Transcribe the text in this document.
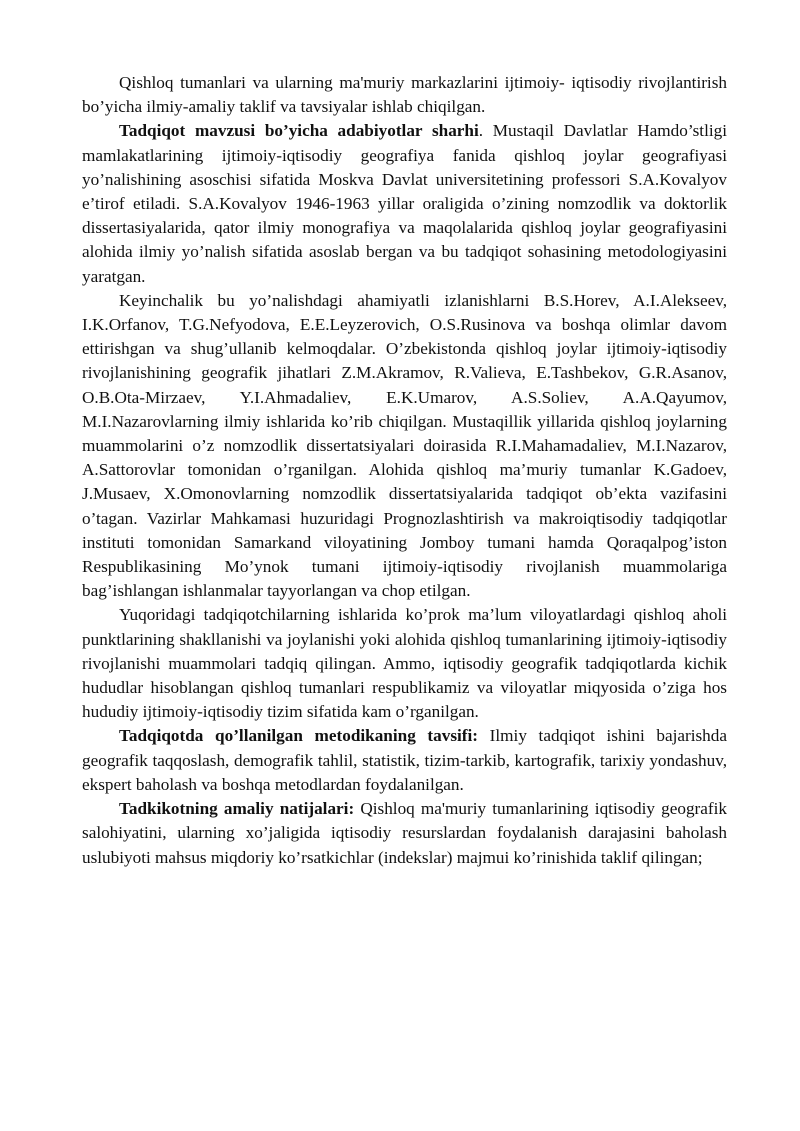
Qishloq tumanlari va ularning ma'muriy markazlarini ijtimoiy- iqtisodiy rivojlantirish bo’yicha ilmiy-amaliy taklif va tavsiyalar ishlab chiqilgan.

Tadqiqot mavzusi bo’yicha adabiyotlar sharhi. Mustaqil Davlatlar Hamdo’stligi mamlakatlarining ijtimoiy-iqtisodiy geografiya fanida qishloq joylar geografiyasi yo’nalishining asoschisi sifatida Moskva Davlat universitetining professori S.A.Kovalyov e’tirof etiladi. S.A.Kovalyov 1946-1963 yillar oraligida o’zining nomzodlik va doktorlik dissertasiyalarida, qator ilmiy monografiya va maqolalarida qishloq joylar geografiyasini alohida ilmiy yo’nalish sifatida asoslab bergan va bu tadqiqot sohasining metodologiyasini yaratgan.

Keyinchalik bu yo’nalishdagi ahamiyatli izlanishlarni B.S.Horev, A.I.Alekseev, I.K.Orfanov, T.G.Nefyodova, E.E.Leyzerovich, O.S.Rusinova va boshqa olimlar davom ettirishgan va shug’ullanib kelmoqdalar. O’zbekistonda qishloq joylar ijtimoiy-iqtisodiy rivojlanishining geografik jihatlari Z.M.Akramov, R.Valieva, E.Tashbekov, G.R.Asanov, O.B.Ota-Mirzaev, Y.I.Ahmadaliev, E.K.Umarov, A.S.Soliev, A.A.Qayumov, M.I.Nazarovlarning ilmiy ishlarida ko’rib chiqilgan. Mustaqillik yillarida qishloq joylarning muammolarini o’z nomzodlik dissertatsiyalari doirasida R.I.Mahamadaliev, M.I.Nazarov, A.Sattorovlar tomonidan o’rganilgan. Alohida qishloq ma’muriy tumanlar K.Gadoev, J.Musaev, X.Omonovlarning nomzodlik dissertatsiyalarida tadqiqot ob’ekta vazifasini o’tagan. Vazirlar Mahkamasi huzuridagi Prognozlashtirish va makroiqtisodiy tadqiqotlar instituti tomonidan Samarkand viloyatining Jomboy tumani hamda Qoraqalpog’iston Respublikasining Mo’ynok tumani ijtimoiy-iqtisodiy rivojlanish muammolariga bag’ishlangan ishlanmalar tayyorlangan va chop etilgan.

Yuqoridagi tadqiqotchilarning ishlarida ko’prok ma’lum viloyatlardagi qishloq aholi punktlarining shakllanishi va joylanishi yoki alohida qishloq tumanlarining ijtimoiy-iqtisodiy rivojlanishi muammolari tadqiq qilingan. Ammo, iqtisodiy geografik tadqiqotlarda kichik hududlar hisoblangan qishloq tumanlari respublikamiz va viloyatlar miqyosida o’ziga hos hududiy ijtimoiy-iqtisodiy tizim sifatida kam o’rganilgan.

Tadqiqotda qo’llanilgan metodikaning tavsifi: Ilmiy tadqiqot ishini bajarishda geografik taqqoslash, demografik tahlil, statistik, tizim-tarkib, kartografik, tarixiy yondashuv, ekspert baholash va boshqa metodlardan foydalanilgan.

Tadkikotning amaliy natijalari: Qishloq ma'muriy tumanlarining iqtisodiy geografik salohiyatini, ularning xo’jaligida iqtisodiy resurslardan foydalanish darajasini baholash uslubiyoti mahsus miqdoriy ko’rsatkichlar (indekslar) majmui ko’rinishida taklif qilingan;
